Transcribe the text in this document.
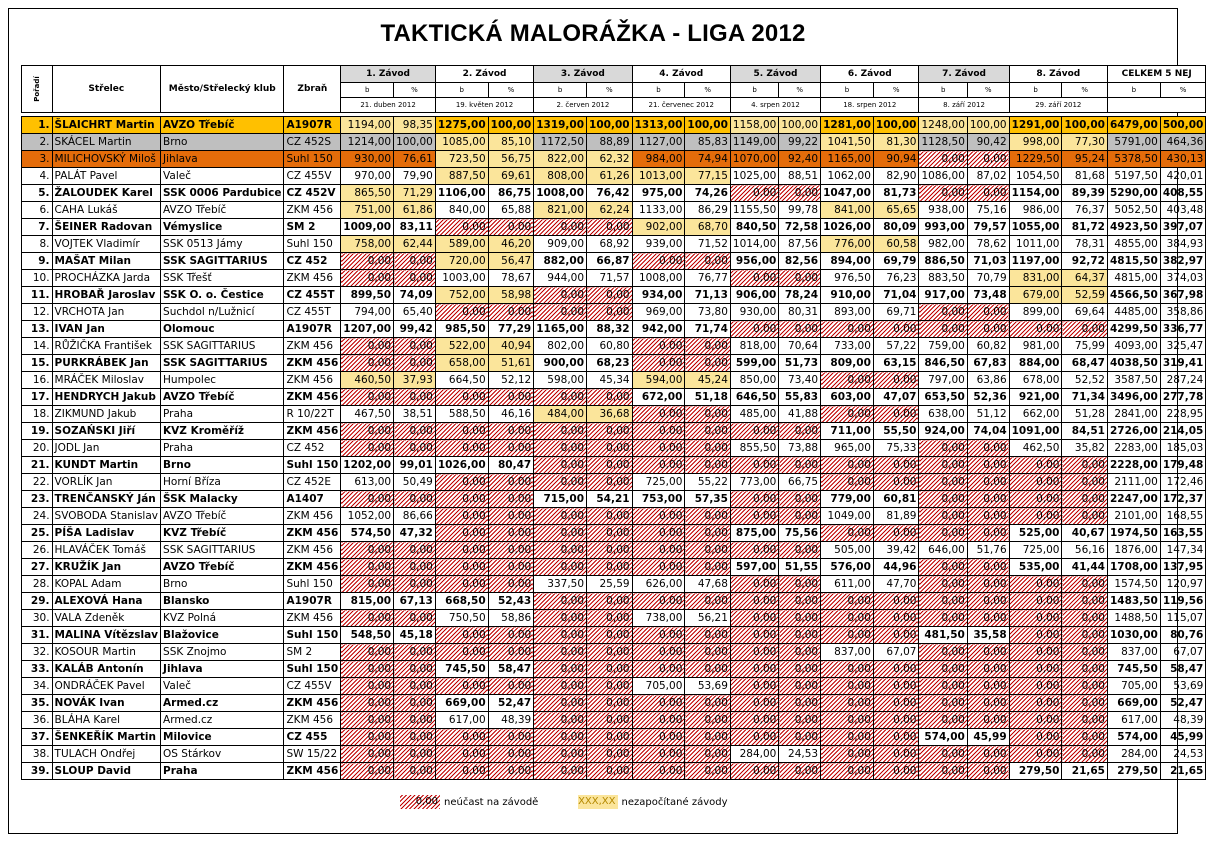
TAKTICKÁ MALORÁŽKA - LIGA 2012
Pořadí	Střelec	Město/Střelecký klub	Zbraň	1. Závod		2. Závod		3. Závod		4. Závod		5. Závod		6. Závod		7. Závod		8. Závod		CELKEM 5 NEJ	
				b	%	b	%	b	%	b	%	b	%	b	%	b	%	b	%	b	%
				21. duben 2012		19. květen 2012		2. červen 2012		21. červenec 2012		4. srpen 2012		18. srpen 2012		8. září 2012		29. září 2012			

1.	ŠLAICHRT Martin	AVZO Třebíč	A1907R	1194,00	98,35	1275,00	100,00	1319,00	100,00	1313,00	100,00	1158,00	100,00	1281,00	100,00	1248,00	100,00	1291,00	100,00	6479,00	500,00
2.	SKÁCEL Martin	Brno	CZ 452S	1214,00	100,00	1085,00	85,10	1172,50	88,89	1127,00	85,83	1149,00	99,22	1041,50	81,30	1128,50	90,42	998,00	77,30	5791,00	464,36
3.	MILICHOVSKÝ Miloš	Jihlava	Suhl 150	930,00	76,61	723,50	56,75	822,00	62,32	984,00	74,94	1070,00	92,40	1165,00	90,94	0,00	0,00	1229,50	95,24	5378,50	430,13
4.	PALÁT Pavel	Valeč	CZ 455V	970,00	79,90	887,50	69,61	808,00	61,26	1013,00	77,15	1025,00	88,51	1062,00	82,90	1086,00	87,02	1054,50	81,68	5197,50	420,01
5.	ŽALOUDEK Karel	SSK 0006 Pardubice	CZ 452V	865,50	71,29	1106,00	86,75	1008,00	76,42	975,00	74,26	0,00	0,00	1047,00	81,73	0,00	0,00	1154,00	89,39	5290,00	408,55
6.	CAHA Lukáš	AVZO Třebíč	ZKM 456	751,00	61,86	840,00	65,88	821,00	62,24	1133,00	86,29	1155,50	99,78	841,00	65,65	938,00	75,16	986,00	76,37	5052,50	403,48
7.	ŠEINER Radovan	Vémyslice	SM 2	1009,00	83,11	0,00	0,00	0,00	0,00	902,00	68,70	840,50	72,58	1026,00	80,09	993,00	79,57	1055,00	81,72	4923,50	397,07
8.	VOJTEK Vladimír	SSK 0513 Jámy	Suhl 150	758,00	62,44	589,00	46,20	909,00	68,92	939,00	71,52	1014,00	87,56	776,00	60,58	982,00	78,62	1011,00	78,31	4855,00	384,93
9.	MAŠAT Milan	SSK SAGITTARIUS	CZ 452	0,00	0,00	720,00	56,47	882,00	66,87	0,00	0,00	956,00	82,56	894,00	69,79	886,50	71,03	1197,00	92,72	4815,50	382,97
10.	PROCHÁZKA Jarda	SSK Třešť	ZKM 456	0,00	0,00	1003,00	78,67	944,00	71,57	1008,00	76,77	0,00	0,00	976,50	76,23	883,50	70,79	831,00	64,37	4815,00	374,03
11.	HROBAŘ Jaroslav	SSK O. o. Čestice	CZ 455T	899,50	74,09	752,00	58,98	0,00	0,00	934,00	71,13	906,00	78,24	910,00	71,04	917,00	73,48	679,00	52,59	4566,50	367,98
12.	VRCHOTA Jan	Suchdol n/Lužnicí	CZ 455T	794,00	65,40	0,00	0,00	0,00	0,00	969,00	73,80	930,00	80,31	893,00	69,71	0,00	0,00	899,00	69,64	4485,00	358,86
13.	IVAN Jan	Olomouc	A1907R	1207,00	99,42	985,50	77,29	1165,00	88,32	942,00	71,74	0,00	0,00	0,00	0,00	0,00	0,00	0,00	0,00	4299,50	336,77
14.	RŮŽIČKA František	SSK SAGITTARIUS	ZKM 456	0,00	0,00	522,00	40,94	802,00	60,80	0,00	0,00	818,00	70,64	733,00	57,22	759,00	60,82	981,00	75,99	4093,00	325,47
15.	PURKRÁBEK Jan	SSK SAGITTARIUS	ZKM 456	0,00	0,00	658,00	51,61	900,00	68,23	0,00	0,00	599,00	51,73	809,00	63,15	846,50	67,83	884,00	68,47	4038,50	319,41
16.	MRÁČEK Miloslav	Humpolec	ZKM 456	460,50	37,93	664,50	52,12	598,00	45,34	594,00	45,24	850,00	73,40	0,00	0,00	797,00	63,86	678,00	52,52	3587,50	287,24
17.	HENDRYCH Jakub	AVZO Třebíč	ZKM 456	0,00	0,00	0,00	0,00	0,00	0,00	672,00	51,18	646,50	55,83	603,00	47,07	653,50	52,36	921,00	71,34	3496,00	277,78
18.	ZIKMUND Jakub	Praha	R 10/22T	467,50	38,51	588,50	46,16	484,00	36,68	0,00	0,00	485,00	41,88	0,00	0,00	638,00	51,12	662,00	51,28	2841,00	228,95
19.	SOZAŃSKI Jiří	KVZ Kroměříž	ZKM 456	0,00	0,00	0,00	0,00	0,00	0,00	0,00	0,00	0,00	0,00	711,00	55,50	924,00	74,04	1091,00	84,51	2726,00	214,05
20.	JODL Jan	Praha	CZ 452	0,00	0,00	0,00	0,00	0,00	0,00	0,00	0,00	855,50	73,88	965,00	75,33	0,00	0,00	462,50	35,82	2283,00	185,03
21.	KUNDT Martin	Brno	Suhl 150	1202,00	99,01	1026,00	80,47	0,00	0,00	0,00	0,00	0,00	0,00	0,00	0,00	0,00	0,00	0,00	0,00	2228,00	179,48
22.	VORLÍK Jan	Horní Bříza	CZ 452E	613,00	50,49	0,00	0,00	0,00	0,00	725,00	55,22	773,00	66,75	0,00	0,00	0,00	0,00	0,00	0,00	2111,00	172,46
23.	TRENČANSKÝ Ján	ŠSK Malacky	A1407	0,00	0,00	0,00	0,00	715,00	54,21	753,00	57,35	0,00	0,00	779,00	60,81	0,00	0,00	0,00	0,00	2247,00	172,37
24.	SVOBODA Stanislav	AVZO Třebíč	ZKM 456	1052,00	86,66	0,00	0,00	0,00	0,00	0,00	0,00	0,00	0,00	1049,00	81,89	0,00	0,00	0,00	0,00	2101,00	168,55
25.	PÍŠA Ladislav	KVZ Třebíč	ZKM 456	574,50	47,32	0,00	0,00	0,00	0,00	0,00	0,00	875,00	75,56	0,00	0,00	0,00	0,00	525,00	40,67	1974,50	163,55
26.	HLAVÁČEK Tomáš	SSK SAGITTARIUS	ZKM 456	0,00	0,00	0,00	0,00	0,00	0,00	0,00	0,00	0,00	0,00	505,00	39,42	646,00	51,76	725,00	56,16	1876,00	147,34
27.	KRUŽÍK Jan	AVZO Třebíč	ZKM 456	0,00	0,00	0,00	0,00	0,00	0,00	0,00	0,00	597,00	51,55	576,00	44,96	0,00	0,00	535,00	41,44	1708,00	137,95
28.	KOPAL Adam	Brno	Suhl 150	0,00	0,00	0,00	0,00	337,50	25,59	626,00	47,68	0,00	0,00	611,00	47,70	0,00	0,00	0,00	0,00	1574,50	120,97
29.	ALEXOVÁ Hana	Blansko	A1907R	815,00	67,13	668,50	52,43	0,00	0,00	0,00	0,00	0,00	0,00	0,00	0,00	0,00	0,00	0,00	0,00	1483,50	119,56
30.	VALA Zdeněk	KVZ Polná	ZKM 456	0,00	0,00	750,50	58,86	0,00	0,00	738,00	56,21	0,00	0,00	0,00	0,00	0,00	0,00	0,00	0,00	1488,50	115,07
31.	MALINA Vítězslav	Blažovice	Suhl 150	548,50	45,18	0,00	0,00	0,00	0,00	0,00	0,00	0,00	0,00	0,00	0,00	481,50	35,58	0,00	0,00	1030,00	80,76
32.	KOSOUR Martin	SSK Znojmo	SM 2	0,00	0,00	0,00	0,00	0,00	0,00	0,00	0,00	0,00	0,00	837,00	67,07	0,00	0,00	0,00	0,00	837,00	67,07
33.	KALÁB Antonín	Jihlava	Suhl 150	0,00	0,00	745,50	58,47	0,00	0,00	0,00	0,00	0,00	0,00	0,00	0,00	0,00	0,00	0,00	0,00	745,50	58,47
34.	ONDRÁČEK Pavel	Valeč	CZ 455V	0,00	0,00	0,00	0,00	0,00	0,00	705,00	53,69	0,00	0,00	0,00	0,00	0,00	0,00	0,00	0,00	705,00	53,69
35.	NOVÁK Ivan	Armed.cz	ZKM 456	0,00	0,00	669,00	52,47	0,00	0,00	0,00	0,00	0,00	0,00	0,00	0,00	0,00	0,00	0,00	0,00	669,00	52,47
36.	BLÁHA Karel	Armed.cz	ZKM 456	0,00	0,00	617,00	48,39	0,00	0,00	0,00	0,00	0,00	0,00	0,00	0,00	0,00	0,00	0,00	0,00	617,00	48,39
37.	ŠENKEŘÍK Martin	Milovice	CZ 455	0,00	0,00	0,00	0,00	0,00	0,00	0,00	0,00	0,00	0,00	0,00	0,00	574,00	45,99	0,00	0,00	574,00	45,99
38.	TULACH Ondřej	OS Stárkov	SW 15/22	0,00	0,00	0,00	0,00	0,00	0,00	0,00	0,00	284,00	24,53	0,00	0,00	0,00	0,00	0,00	0,00	284,00	24,53
39.	SLOUP David	Praha	ZKM 456	0,00	0,00	0,00	0,00	0,00	0,00	0,00	0,00	0,00	0,00	0,00	0,00	0,00	0,00	279,50	21,65	279,50	21,65
0,00 neúčast na závodě
	XXX,XX nezapočítané závody
